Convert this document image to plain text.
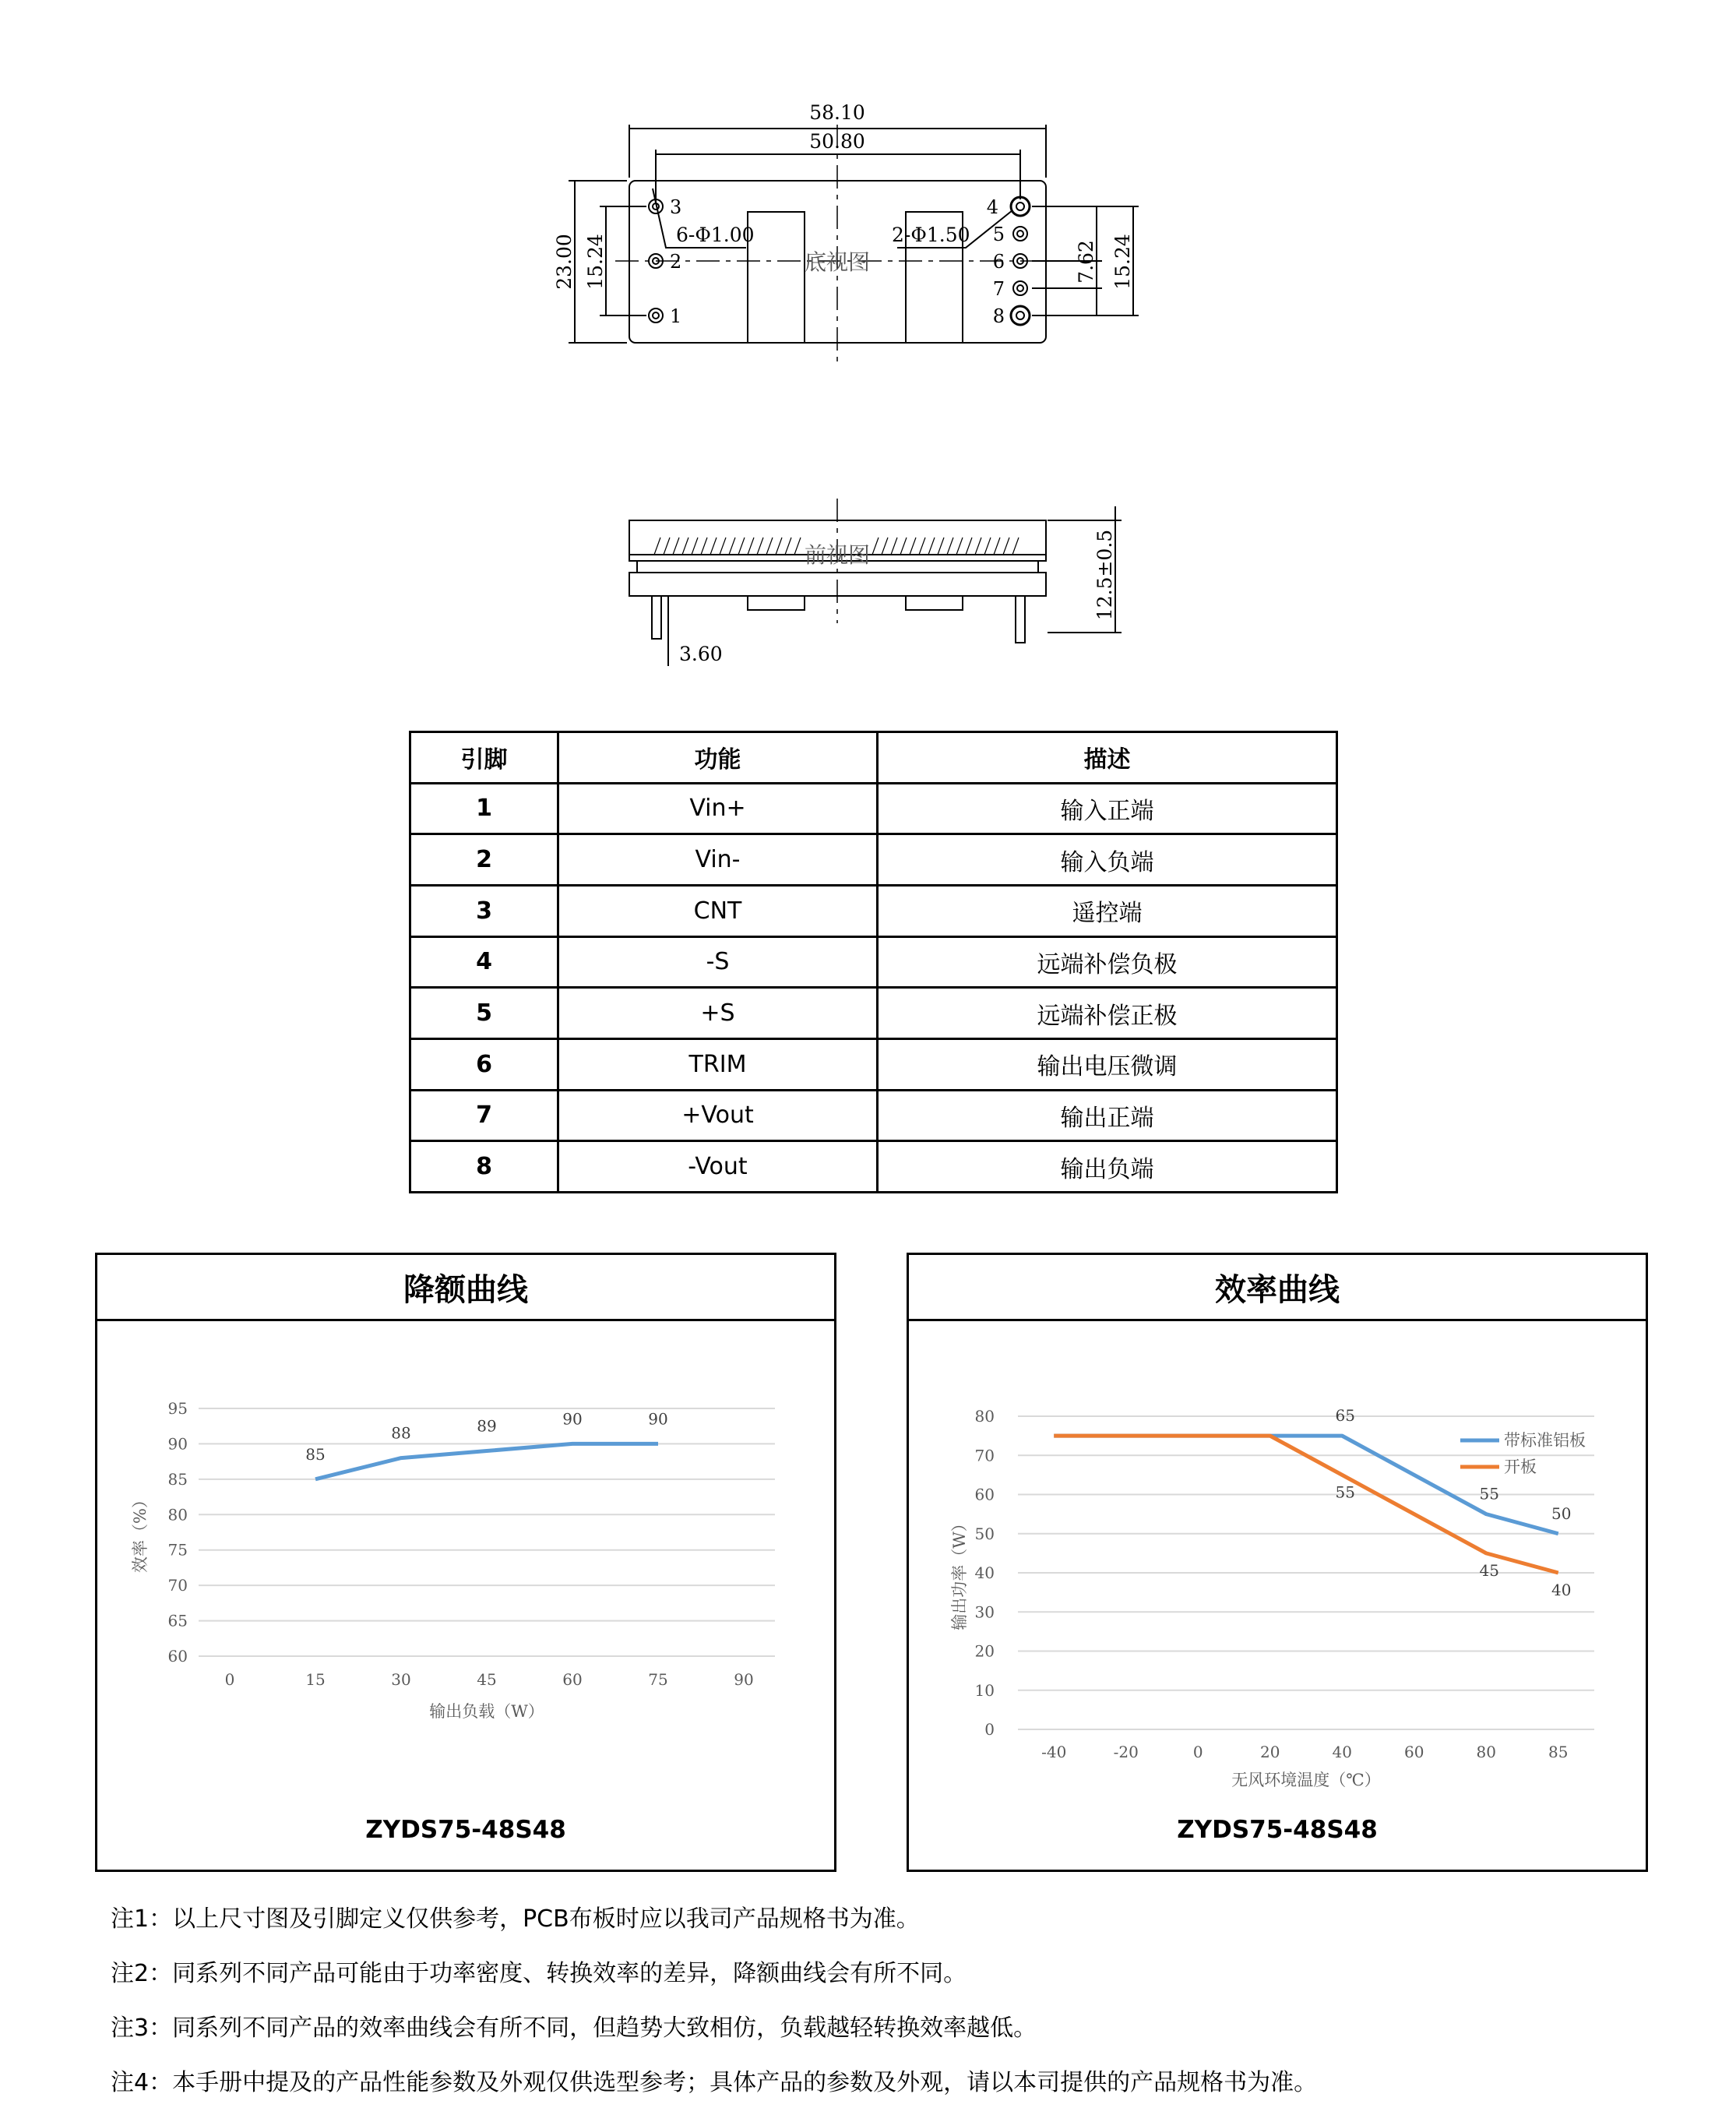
58.10
50.80
23.00 15.24	7.62 15.24
6-Φ1.00	2-Φ1.50
底视图
前视图	12.5±0.5
3.60
3
2
1
4
5
6
7
8
引脚	功能	描述
1	Vin+	输入正端
2	Vin-	输入负端
3	CNT	遥控端
4	-S	远端补偿负极
5	+S	远端补偿正极
6	TRIM	输出电压微调
7	+Vout	输出正端
8	-Vout	输出负端
降额曲线
60
65
70
75
80
85
90
95
0	15	30	45	60	75	90
输出负载（W）
效率（%）
85
88	89	90	90
ZYDS75-48S48
效率曲线
0
10
20
30
40
50
60
70
80
-40	-20	0	20	40	60	80	85
无风环境温度（℃）
输出功率（W）
65
55
50
带标准铝板
55
45
40
开板
ZYDS75-48S48

注1：以上尺寸图及引脚定义仅供参考，PCB布板时应以我司产品规格书为准。

注2：同系列不同产品可能由于功率密度、转换效率的差异，降额曲线会有所不同。

注3：同系列不同产品的效率曲线会有所不同，但趋势大致相仿，负载越轻转换效率越低。

注4：本手册中提及的产品性能参数及外观仅供选型参考；具体产品的参数及外观，请以本司提供的产品规格书为准。
